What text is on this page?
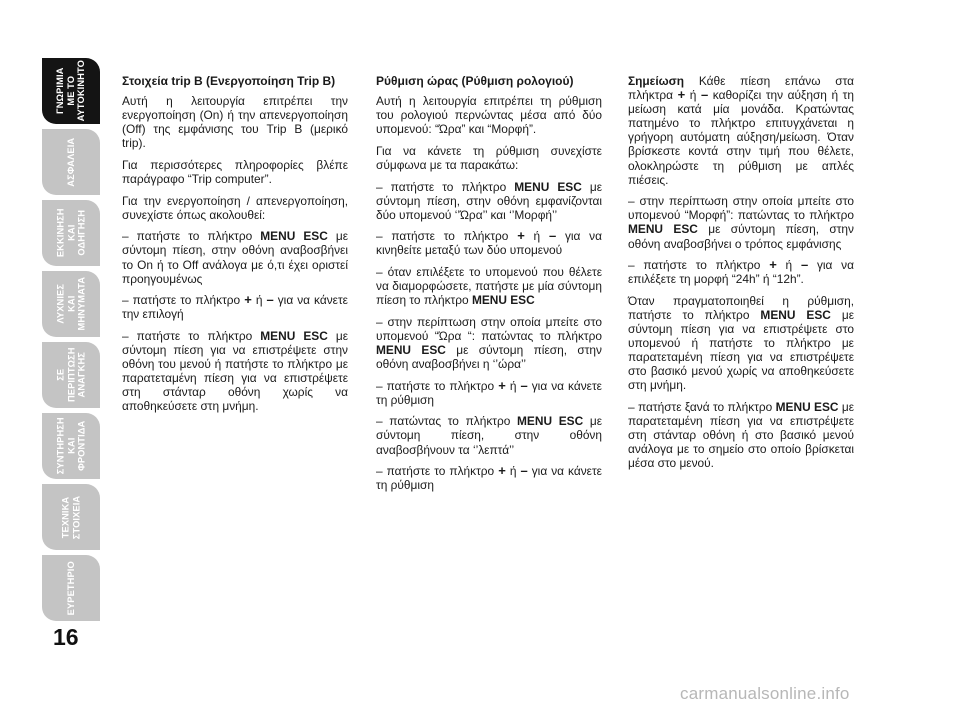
ΓΝΩΡΙΜΙΑ ΜΕ ΤΟ ΑΥΤΟΚΙΝΗΤΟ
ΑΣΦΑΛΕΙΑ
ΕΚΚΙΝΗΣΗ ΚΑΙ ΟΔΗΓΗΣΗ
ΛΥΧΝΙΕΣ ΚΑΙ ΜΗΝΥΜΑΤΑ
ΣΕ ΠΕΡΙΠΤΩΣΗ ΑΝΑΓΚΗΣ
ΣΥΝΤΗΡΗΣΗ ΚΑΙ ΦΡΟΝΤΙΔΑ
ΤΕΧΝΙΚΑ ΣΤΟΙΧΕΙΑ
ΕΥΡΕΤΗΡΙΟ
16

Στοιχεία trip B (Ενεργοποίηση Trip B)

Αυτή η λειτουργία επιτρέπει την ενεργοποίηση (On) ή την απενεργοποίηση (Off) της εμφάνισης του Trip B (μερικό trip).

Για περισσότερες πληροφορίες βλέπε παράγραφο “Trip computer”.

Για την ενεργοποίηση / απενεργοποίηση, συνεχίστε όπως ακολουθεί:

– πατήστε το πλήκτρο MENU ESC με σύντομη πίεση, στην οθόνη αναβοσβήνει το On ή το Off ανάλογα με ό,τι έχει οριστεί προηγουμένως

– πατήστε το πλήκτρο + ή – για να κάνετε την επιλογή

– πατήστε το πλήκτρο MENU ESC με σύντομη πίεση για να επιστρέψετε στην οθόνη του μενού ή πατήστε το πλήκτρο με παρατεταμένη πίεση για να επιστρέψετε στη στάνταρ οθόνη χωρίς να αποθηκεύσετε στη μνήμη.

Ρύθμιση ώρας (Ρύθμιση ρολογιού)

Αυτή η λειτουργία επιτρέπει τη ρύθμιση του ρολογιού περνώντας μέσα από δύο υπομενού: “Ώρα” και “Μορφή”.

Για να κάνετε τη ρύθμιση συνεχίστε σύμφωνα με τα παρακάτω:

– πατήστε το πλήκτρο MENU ESC με σύντομη πίεση, στην οθόνη εμφανίζονται δύο υπομενού ‘’Ώρα’’ και ‘’Μορφή’’

– πατήστε το πλήκτρο + ή – για να κινηθείτε μεταξύ των δύο υπομενού

– όταν επιλέξετε το υπομενού που θέλετε να διαμορφώσετε, πατήστε με μία σύντομη πίεση το πλήκτρο MENU ESC

– στην περίπτωση στην οποία μπείτε στο υπομενού “Ώρα “: πατώντας το πλήκτρο MENU ESC με σύντομη πίεση, στην οθόνη αναβοσβήνει η ‘’ώρα’’

– πατήστε το πλήκτρο + ή – για να κάνετε τη ρύθμιση

– πατώντας το πλήκτρο MENU ESC με σύντομη πίεση, στην οθόνη αναβοσβήνουν τα ‘’λεπτά’’

– πατήστε το πλήκτρο + ή – για να κάνετε τη ρύθμιση

Σημείωση Κάθε πίεση επάνω στα πλήκτρα + ή – καθορίζει την αύξηση ή τη μείωση κατά μία μονάδα. Κρατώντας πατημένο το πλήκτρο επιτυγχάνεται η γρήγορη αυτόματη αύξηση/μείωση. Όταν βρίσκεστε κοντά στην τιμή που θέλετε, ολοκληρώστε τη ρύθμιση με απλές πιέσεις.

– στην περίπτωση στην οποία μπείτε στο υπομενού “Μορφή”: πατώντας το πλήκτρο MENU ESC με σύντομη πίεση, στην οθόνη αναβοσβήνει ο τρόπος εμφάνισης

– πατήστε το πλήκτρο + ή – για να επιλέξετε τη μορφή “24h” ή “12h”.

Όταν πραγματοποιηθεί η ρύθμιση, πατήστε το πλήκτρο MENU ESC με σύντομη πίεση για να επιστρέψετε στο υπομενού ή πατήστε το πλήκτρο με παρατεταμένη πίεση για να επιστρέψετε στο βασικό μενού χωρίς να αποθηκεύσετε στη μνήμη.

– πατήστε ξανά το πλήκτρο MENU ESC με παρατεταμένη πίεση για να επιστρέψετε στη στάνταρ οθόνη ή στο βασικό μενού ανάλογα με το σημείο στο οποίο βρίσκεται μέσα στο μενού.

carmanualsonline.info
